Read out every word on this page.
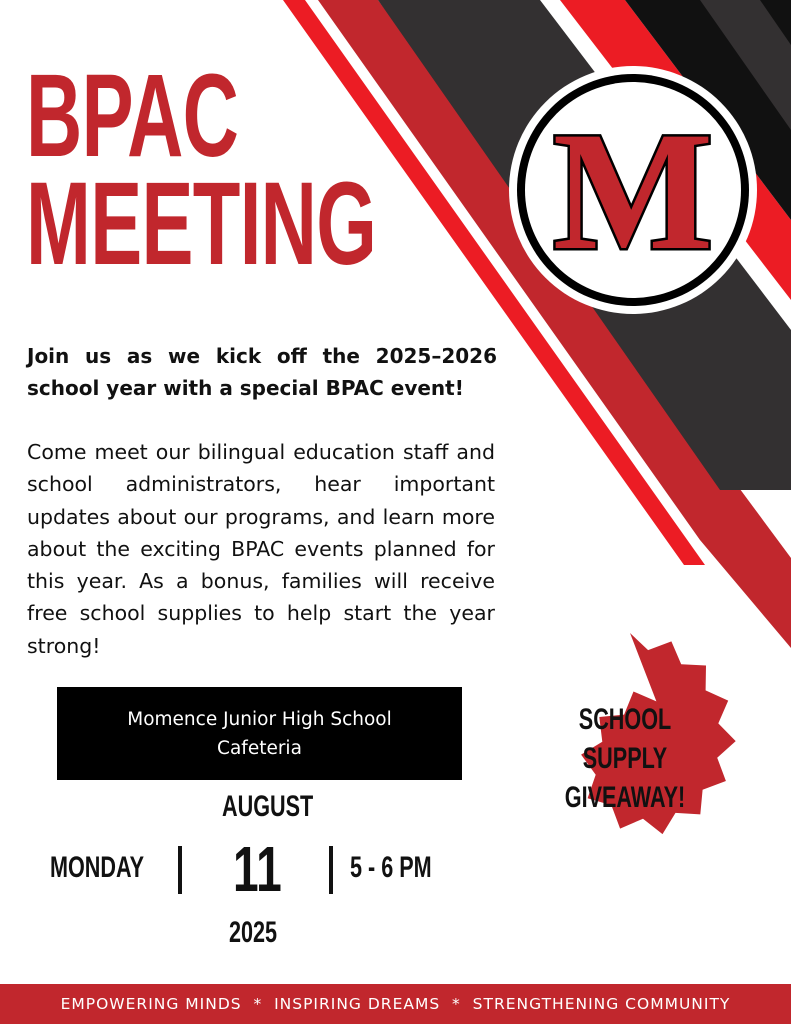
BPAC
MEETING M

Join us as we kick off the 2025–2026 school year with a special BPAC event!

Come meet our bilingual education staff and school administrators, hear important updates about our programs, and learn more about the exciting BPAC events planned for this year. As a bonus, families will receive free school supplies to help start the year strong!

Momence Junior High School
Cafeteria
AUGUST
MONDAY 11 5 - 6 PM
2025
SCHOOL
SUPPLY
GIVEAWAY!
EMPOWERING MINDS  *  INSPIRING DREAMS  *  STRENGTHENING COMMUNITY
